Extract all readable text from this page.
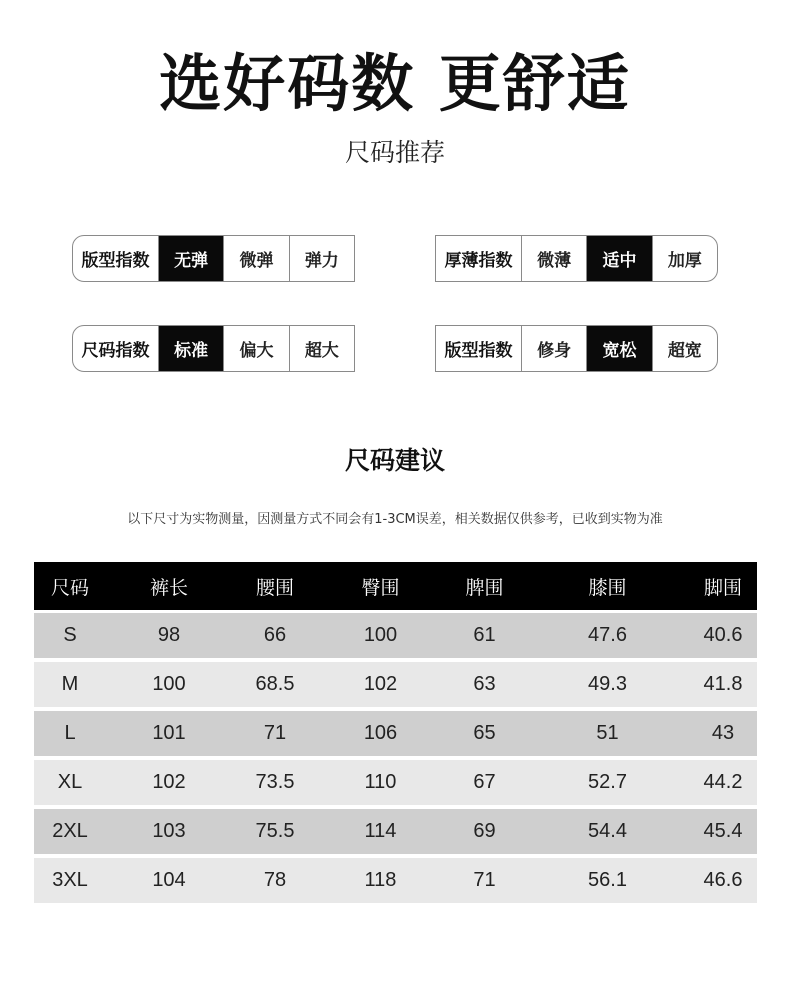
选好码数 更舒适
尺码推荐
版型指数	无弹	微弹	弹力	厚薄指数	微薄	适中	加厚
尺码指数	标准	偏大	超大	版型指数	修身	宽松	超宽
尺码建议
以下尺寸为实物测量，因测量方式不同会有1-3CM误差，相关数据仅供参考，已收到实物为准
尺码	裤长	腰围	臀围	脾围	膝围	脚围
S	98	66	100	61	47.6	40.6
M	100	68.5	102	63	49.3	41.8
L	101	71	106	65	51	43
XL	102	73.5	110	67	52.7	44.2
2XL	103	75.5	114	69	54.4	45.4
3XL	104	78	118	71	56.1	46.6
